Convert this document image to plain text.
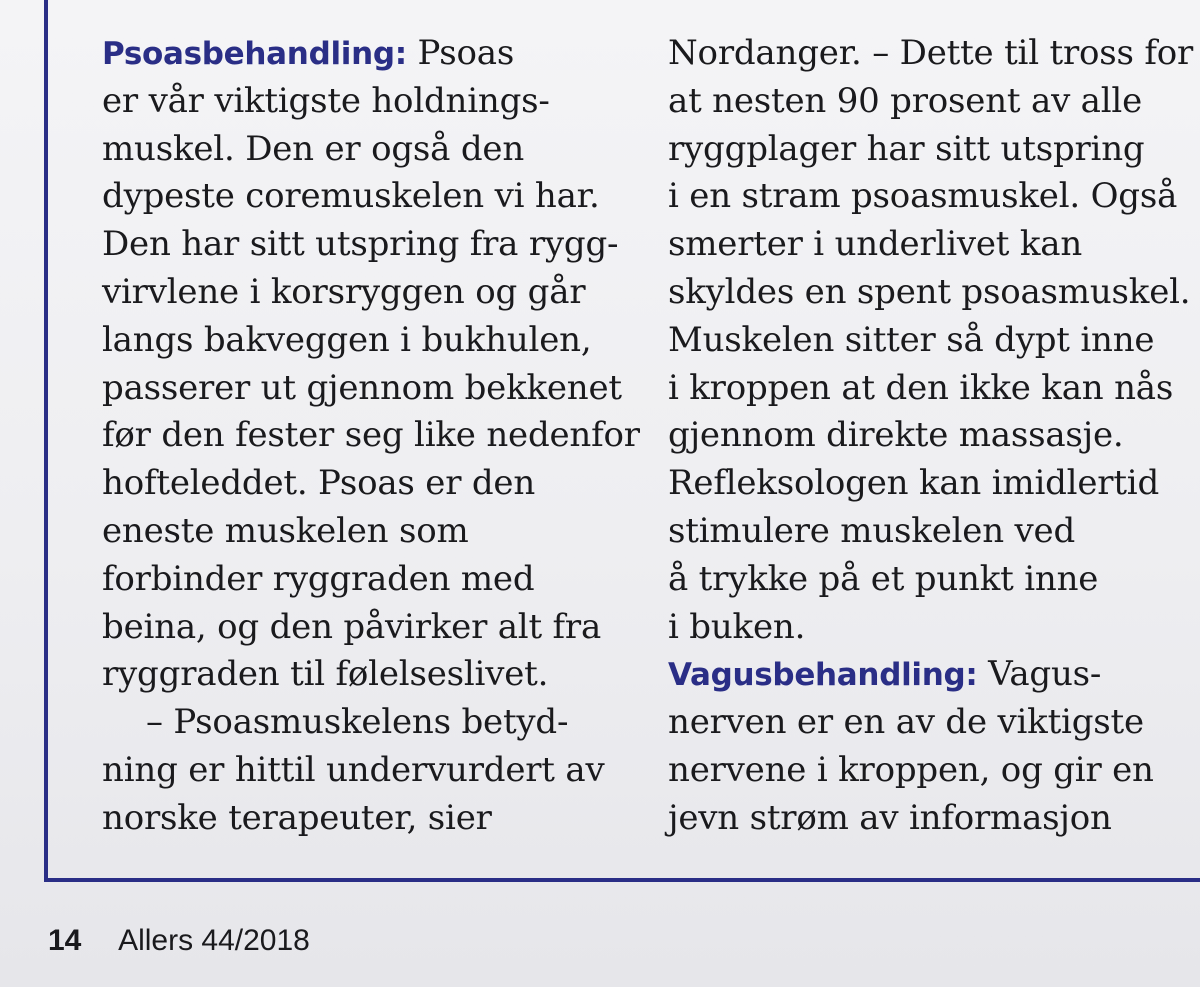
Psoasbehandling: Psoas
er vår viktigste holdnings-
muskel. Den er også den
dypeste coremuskelen vi har.
Den har sitt utspring fra rygg-
virvlene i korsryggen og går
langs bakveggen i bukhulen,
passerer ut gjennom bekkenet
før den fester seg like nedenfor
hofteleddet. Psoas er den
eneste muskelen som
forbinder ryggraden med
beina, og den påvirker alt fra
ryggraden til følelseslivet.
– Psoasmuskelens betyd-
ning er hittil undervurdert av
norske terapeuter, sier
Nordanger. – Dette til tross for
at nesten 90 prosent av alle
ryggplager har sitt utspring
i en stram psoasmuskel. Også
smerter i underlivet kan
skyldes en spent psoasmuskel.
Muskelen sitter så dypt inne
i kroppen at den ikke kan nås
gjennom direkte massasje.
Refleksologen kan imidlertid
stimulere muskelen ved
å trykke på et punkt inne
i buken.
Vagusbehandling: Vagus-
nerven er en av de viktigste
nervene i kroppen, og gir en
jevn strøm av informasjon
14 Allers 44/2018
